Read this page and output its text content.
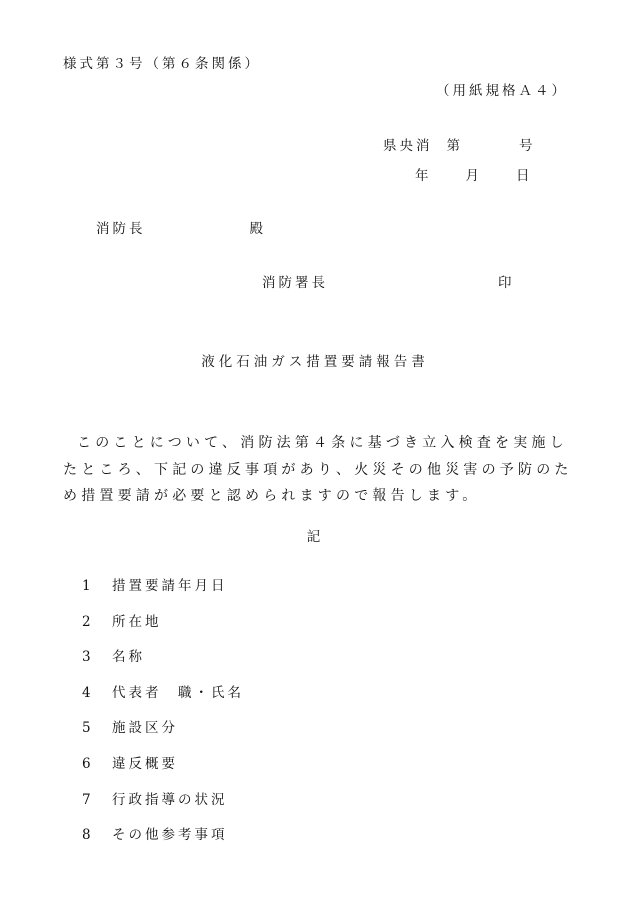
様式第３号（第６条関係）
（用紙規格Ａ４）
県央消 第	号
年	月	日
消防長	殿
消防署長	印
液化石油ガス措置要請報告書
このことについて、消防法第４条に基づき立入検査を実施したところ、下記の違反事項があり、火災その他災害の予防のため措置要請が必要と認められますので報告します。
記
1 措置要請年月日
2 所在地
3 名称
4 代表者　職・氏名
5 施設区分
6 違反概要
7 行政指導の状況
8 その他参考事項
